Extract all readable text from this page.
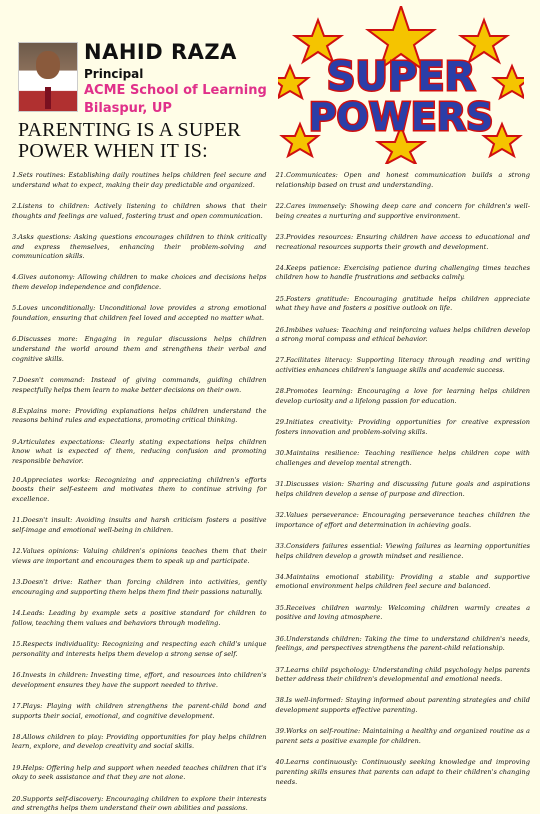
NAHID RAZA
Principal
ACME School of Learning
Bilaspur, UP
PARENTING IS A SUPER POWER WHEN IT IS:
SUPER
POWERS

1.Sets routines: Establishing daily routines helps children feel secure and understand what to expect, making their day predictable and organized.

2.Listens to children: Actively listening to children shows that their thoughts and feelings are valued, fostering trust and open communication.

3.Asks questions: Asking questions encourages children to think critically and express themselves, enhancing their problem-solving and communication skills.

4.Gives autonomy: Allowing children to make choices and decisions helps them develop independence and confidence.

5.Loves unconditionally: Unconditional love provides a strong emotional foundation, ensuring that children feel loved and accepted no matter what.

6.Discusses more: Engaging in regular discussions helps children understand the world around them and strengthens their verbal and cognitive skills.

7.Doesn't command: Instead of giving commands, guiding children respectfully helps them learn to make better decisions on their own.

8.Explains more: Providing explanations helps children understand the reasons behind rules and expectations, promoting critical thinking.

9.Articulates expectations: Clearly stating expectations helps children know what is expected of them, reducing confusion and promoting responsible behavior.

10.Appreciates works: Recognizing and appreciating children's efforts boosts their self-esteem and motivates them to continue striving for excellence.

11.Doesn't insult: Avoiding insults and harsh criticism fosters a positive self-image and emotional well-being in children.

12.Values opinions: Valuing children's opinions teaches them that their views are important and encourages them to speak up and participate.

13.Doesn't drive: Rather than forcing children into activities, gently encouraging and supporting them helps them find their passions naturally.

14.Leads: Leading by example sets a positive standard for children to follow, teaching them values and behaviors through modeling.

15.Respects individuality: Recognizing and respecting each child's unique personality and interests helps them develop a strong sense of self.

16.Invests in children: Investing time, effort, and resources into children's development ensures they have the support needed to thrive.

17.Plays: Playing with children strengthens the parent-child bond and supports their social, emotional, and cognitive development.

18.Allows children to play: Providing opportunities for play helps children learn, explore, and develop creativity and social skills.

19.Helps: Offering help and support when needed teaches children that it's okay to seek assistance and that they are not alone.

20.Supports self-discovery: Encouraging children to explore their interests and strengths helps them understand their own abilities and passions.

21.Communicates: Open and honest communication builds a strong relationship based on trust and understanding.

22.Cares immensely: Showing deep care and concern for children's well-being creates a nurturing and supportive environment.

23.Provides resources: Ensuring children have access to educational and recreational resources supports their growth and development.

24.Keeps patience: Exercising patience during challenging times teaches children how to handle frustrations and setbacks calmly.

25.Fosters gratitude: Encouraging gratitude helps children appreciate what they have and fosters a positive outlook on life.

26.Imbibes values: Teaching and reinforcing values helps children develop a strong moral compass and ethical behavior.

27.Facilitates literacy: Supporting literacy through reading and writing activities enhances children's language skills and academic success.

28.Promotes learning: Encouraging a love for learning helps children develop curiosity and a lifelong passion for education.

29.Initiates creativity: Providing opportunities for creative expression fosters innovation and problem-solving skills.

30.Maintains resilience: Teaching resilience helps children cope with challenges and develop mental strength.

31.Discusses vision: Sharing and discussing future goals and aspirations helps children develop a sense of purpose and direction.

32.Values perseverance: Encouraging perseverance teaches children the importance of effort and determination in achieving goals.

33.Considers failures essential: Viewing failures as learning opportunities helps children develop a growth mindset and resilience.

34.Maintains emotional stability: Providing a stable and supportive emotional environment helps children feel secure and balanced.

35.Receives children warmly: Welcoming children warmly creates a positive and loving atmosphere.

36.Understands children: Taking the time to understand children's needs, feelings, and perspectives strengthens the parent-child relationship.

37.Learns child psychology: Understanding child psychology helps parents better address their children's developmental and emotional needs.

38.Is well-informed: Staying informed about parenting strategies and child development supports effective parenting.

39.Works on self-routine: Maintaining a healthy and organized routine as a parent sets a positive example for children.

40.Learns continuously: Continuously seeking knowledge and improving parenting skills ensures that parents can adapt to their children's changing needs.
